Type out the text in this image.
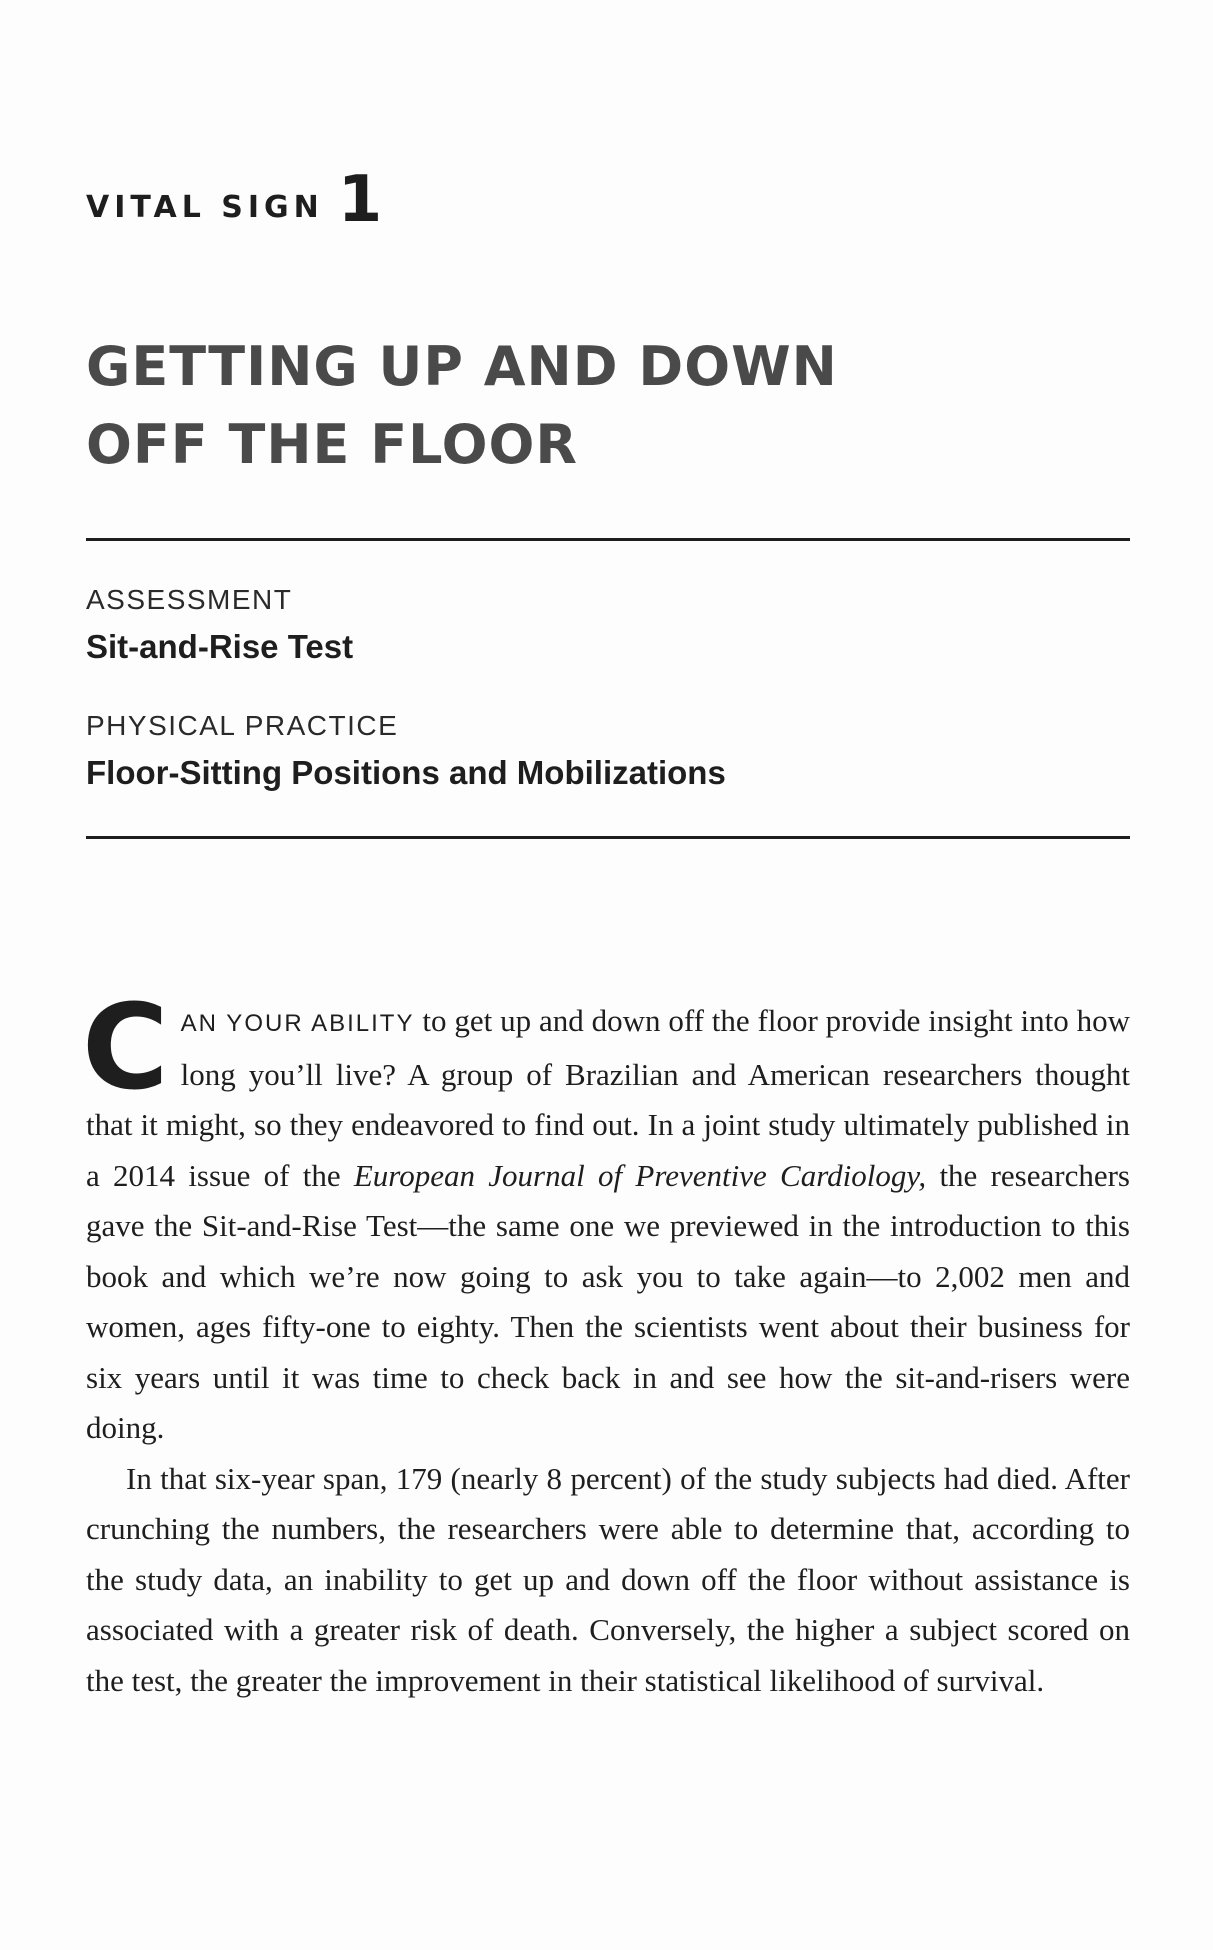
VITAL SIGN 1
GETTING UP AND DOWN
OFF THE FLOOR
ASSESSMENT
Sit-and-Rise Test
PHYSICAL PRACTICE
Floor-Sitting Positions and Mobilizations

CAN YOUR ABILITY to get up and down off the floor provide insight into how long you’ll live? A group of Brazilian and American researchers thought that it might, so they endeavored to find out. In a joint study ultimately published in a 2014 issue of the European Journal of Preventive Cardiology, the researchers gave the Sit-and-Rise Test—the same one we previewed in the introduction to this book and which we’re now going to ask you to take again—to 2,002 men and women, ages fifty-one to eighty. Then the scientists went about their business for six years until it was time to check back in and see how the sit-and-risers were doing.

In that six-year span, 179 (nearly 8 percent) of the study subjects had died. After crunching the numbers, the researchers were able to determine that, according to the study data, an inability to get up and down off the floor without assistance is associated with a greater risk of death. Conversely, the higher a subject scored on the test, the greater the improvement in their statistical likelihood of survival.
